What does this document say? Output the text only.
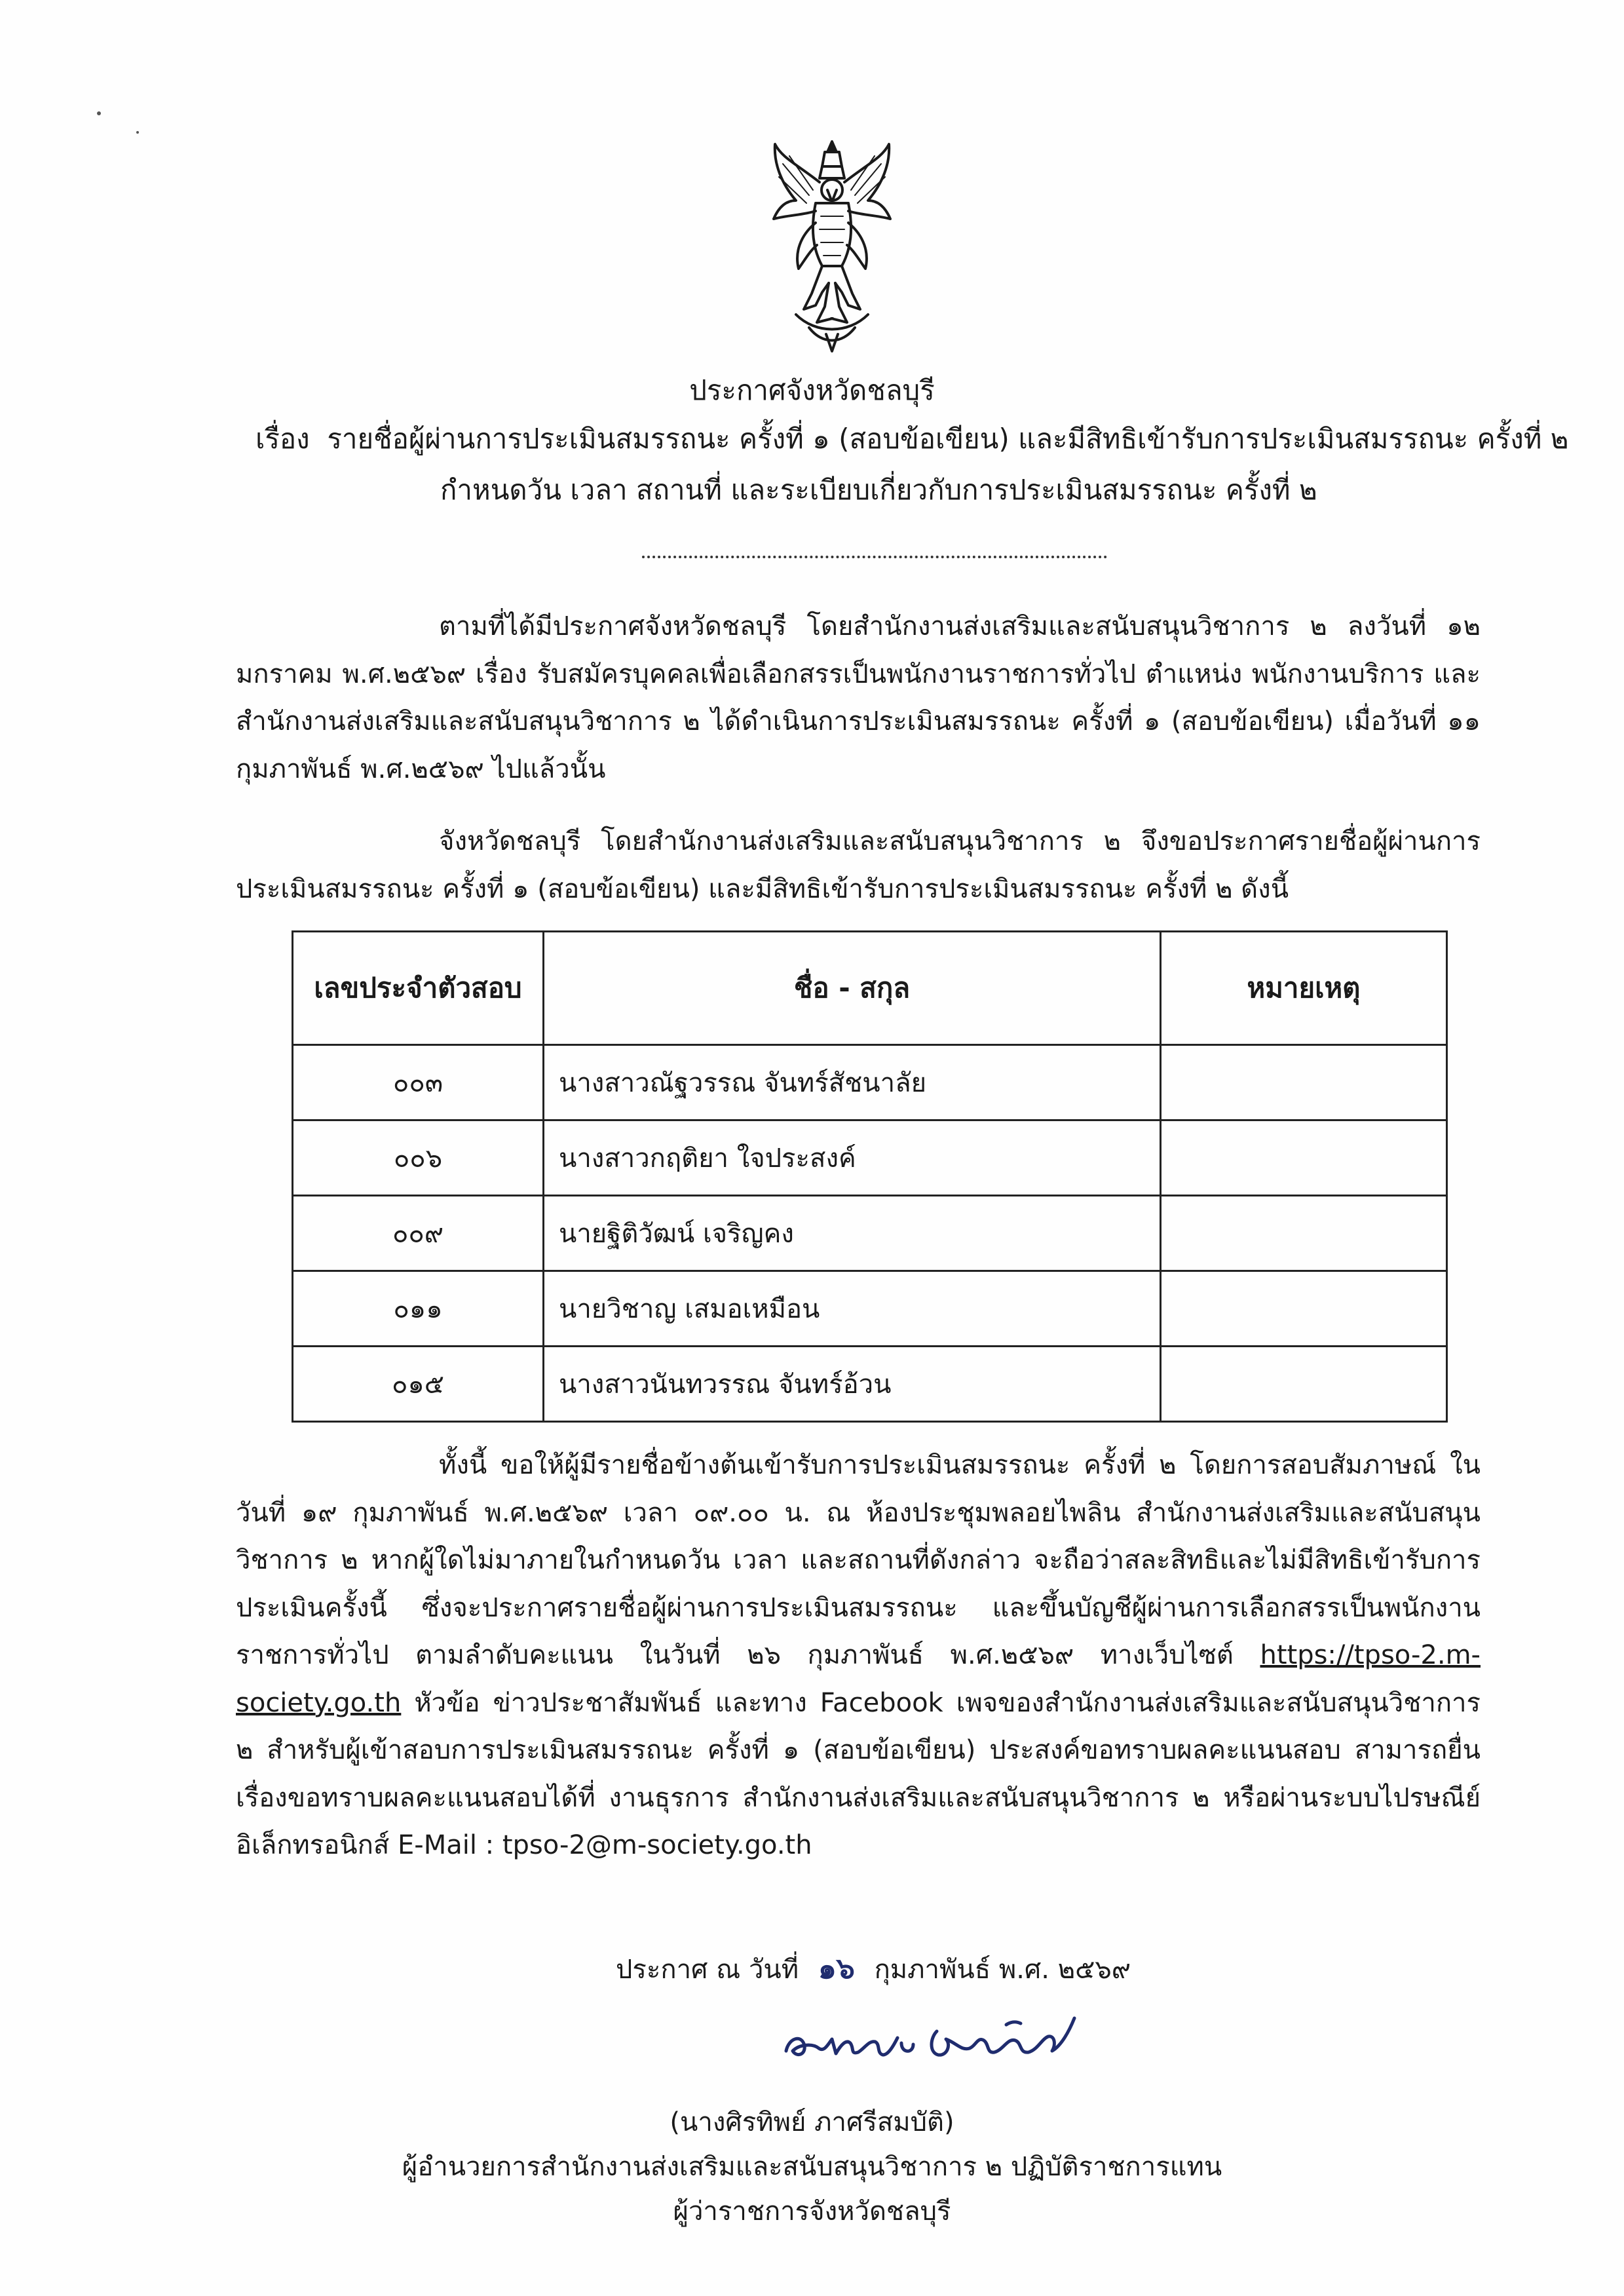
ประกาศจังหวัดชลบุรี
เรื่อง รายชื่อผู้ผ่านการประเมินสมรรถนะ ครั้งที่ ๑ (สอบข้อเขียน) และมีสิทธิเข้ารับการประเมินสมรรถนะ ครั้งที่ ๒
กำหนดวัน เวลา สถานที่ และระเบียบเกี่ยวกับการประเมินสมรรถนะ ครั้งที่ ๒

ตามที่ได้มีประกาศจังหวัดชลบุรี โดยสำนักงานส่งเสริมและสนับสนุนวิชาการ ๒ ลงวันที่ ๑๒ มกราคม พ.ศ.๒๕๖๙ เรื่อง รับสมัครบุคคลเพื่อเลือกสรรเป็นพนักงานราชการทั่วไป ตำแหน่ง พนักงานบริการ และสำนักงานส่งเสริมและสนับสนุนวิชาการ ๒ ได้ดำเนินการประเมินสมรรถนะ ครั้งที่ ๑ (สอบข้อเขียน) เมื่อวันที่ ๑๑ กุมภาพันธ์ พ.ศ.๒๕๖๙ ไปแล้วนั้น

จังหวัดชลบุรี โดยสำนักงานส่งเสริมและสนับสนุนวิชาการ ๒ จึงขอประกาศรายชื่อผู้ผ่านการประเมินสมรรถนะ ครั้งที่ ๑ (สอบข้อเขียน) และมีสิทธิเข้ารับการประเมินสมรรถนะ ครั้งที่ ๒ ดังนี้

เลขประจำตัวสอบ	ชื่อ - สกุล	หมายเหตุ
๐๐๓	นางสาวณัฐวรรณ จันทร์สัชนาลัย	
๐๐๖	นางสาวกฤติยา ใจประสงค์	
๐๐๙	นายฐิติวัฒน์ เจริญคง	
๐๑๑	นายวิชาญ เสมอเหมือน	
๐๑๕	นางสาวนันทวรรณ จันทร์อ้วน	

ทั้งนี้ ขอให้ผู้มีรายชื่อข้างต้นเข้ารับการประเมินสมรรถนะ ครั้งที่ ๒ โดยการสอบสัมภาษณ์ ในวันที่ ๑๙ กุมภาพันธ์ พ.ศ.๒๕๖๙ เวลา ๐๙.๐๐ น. ณ ห้องประชุมพลอยไพลิน สำนักงานส่งเสริมและสนับสนุนวิชาการ ๒ หากผู้ใดไม่มาภายในกำหนดวัน เวลา และสถานที่ดังกล่าว จะถือว่าสละสิทธิและไม่มีสิทธิเข้ารับการประเมินครั้งนี้ ซึ่งจะประกาศรายชื่อผู้ผ่านการประเมินสมรรถนะ และขึ้นบัญชีผู้ผ่านการเลือกสรรเป็นพนักงานราชการทั่วไป ตามลำดับคะแนน ในวันที่ ๒๖ กุมภาพันธ์ พ.ศ.๒๕๖๙ ทางเว็บไซต์ https://tpso-2.m-society.go.th หัวข้อ ข่าวประชาสัมพันธ์ และทาง Facebook เพจของสำนักงานส่งเสริมและสนับสนุนวิชาการ ๒ สำหรับผู้เข้าสอบการประเมินสมรรถนะ ครั้งที่ ๑ (สอบข้อเขียน) ประสงค์ขอทราบผลคะแนนสอบ สามารถยื่นเรื่องขอทราบผลคะแนนสอบได้ที่ งานธุรการ สำนักงานส่งเสริมและสนับสนุนวิชาการ ๒ หรือผ่านระบบไปรษณีย์อิเล็กทรอนิกส์ E-Mail : tpso-2@m-society.go.th

ประกาศ ณ วันที่ ๑๖ กุมภาพันธ์ พ.ศ. ๒๕๖๙
(นางศิรทิพย์ ภาศรีสมบัติ)
ผู้อำนวยการสำนักงานส่งเสริมและสนับสนุนวิชาการ ๒ ปฏิบัติราชการแทน
ผู้ว่าราชการจังหวัดชลบุรี
